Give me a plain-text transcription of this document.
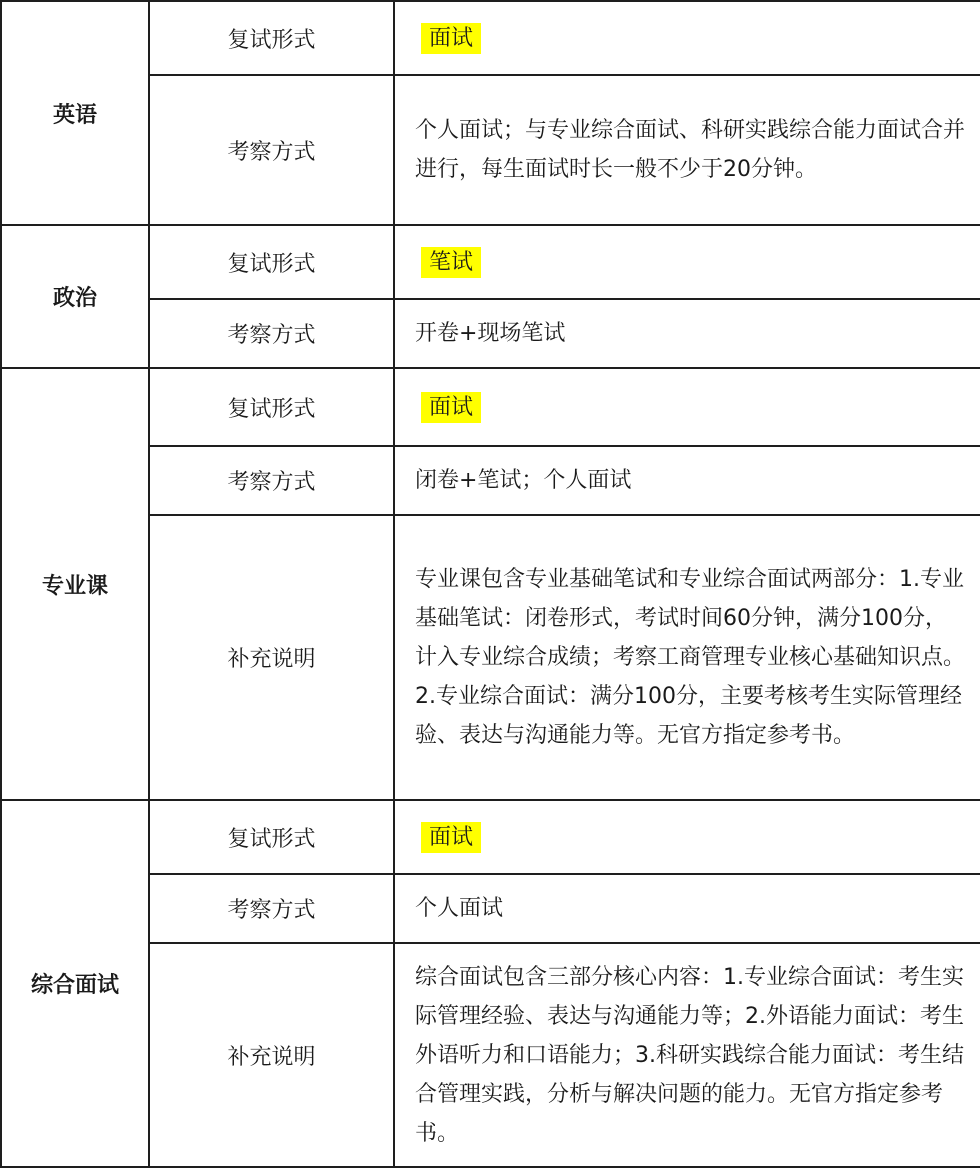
英语	复试形式	面试
	考察方式	个人面试；与专业综合面试、科研实践综合能力面试合并进行，每生面试时长一般不少于20分钟。
政治	复试形式	笔试
	考察方式	开卷+现场笔试
专业课	复试形式	面试
	考察方式	闭卷+笔试；个人面试
	补充说明	专业课包含专业基础笔试和专业综合面试两部分：1.专业基础笔试：闭卷形式，考试时间60分钟，满分100分，计入专业综合成绩；考察工商管理专业核心基础知识点。2.专业综合面试：满分100分，主要考核考生实际管理经验、表达与沟通能力等。无官方指定参考书。
综合面试	复试形式	面试
	考察方式	个人面试
	补充说明	综合面试包含三部分核心内容：1.专业综合面试：考生实际管理经验、表达与沟通能力等；2.外语能力面试：考生外语听力和口语能力；3.科研实践综合能力面试：考生结合管理实践，分析与解决问题的能力。无官方指定参考书。
